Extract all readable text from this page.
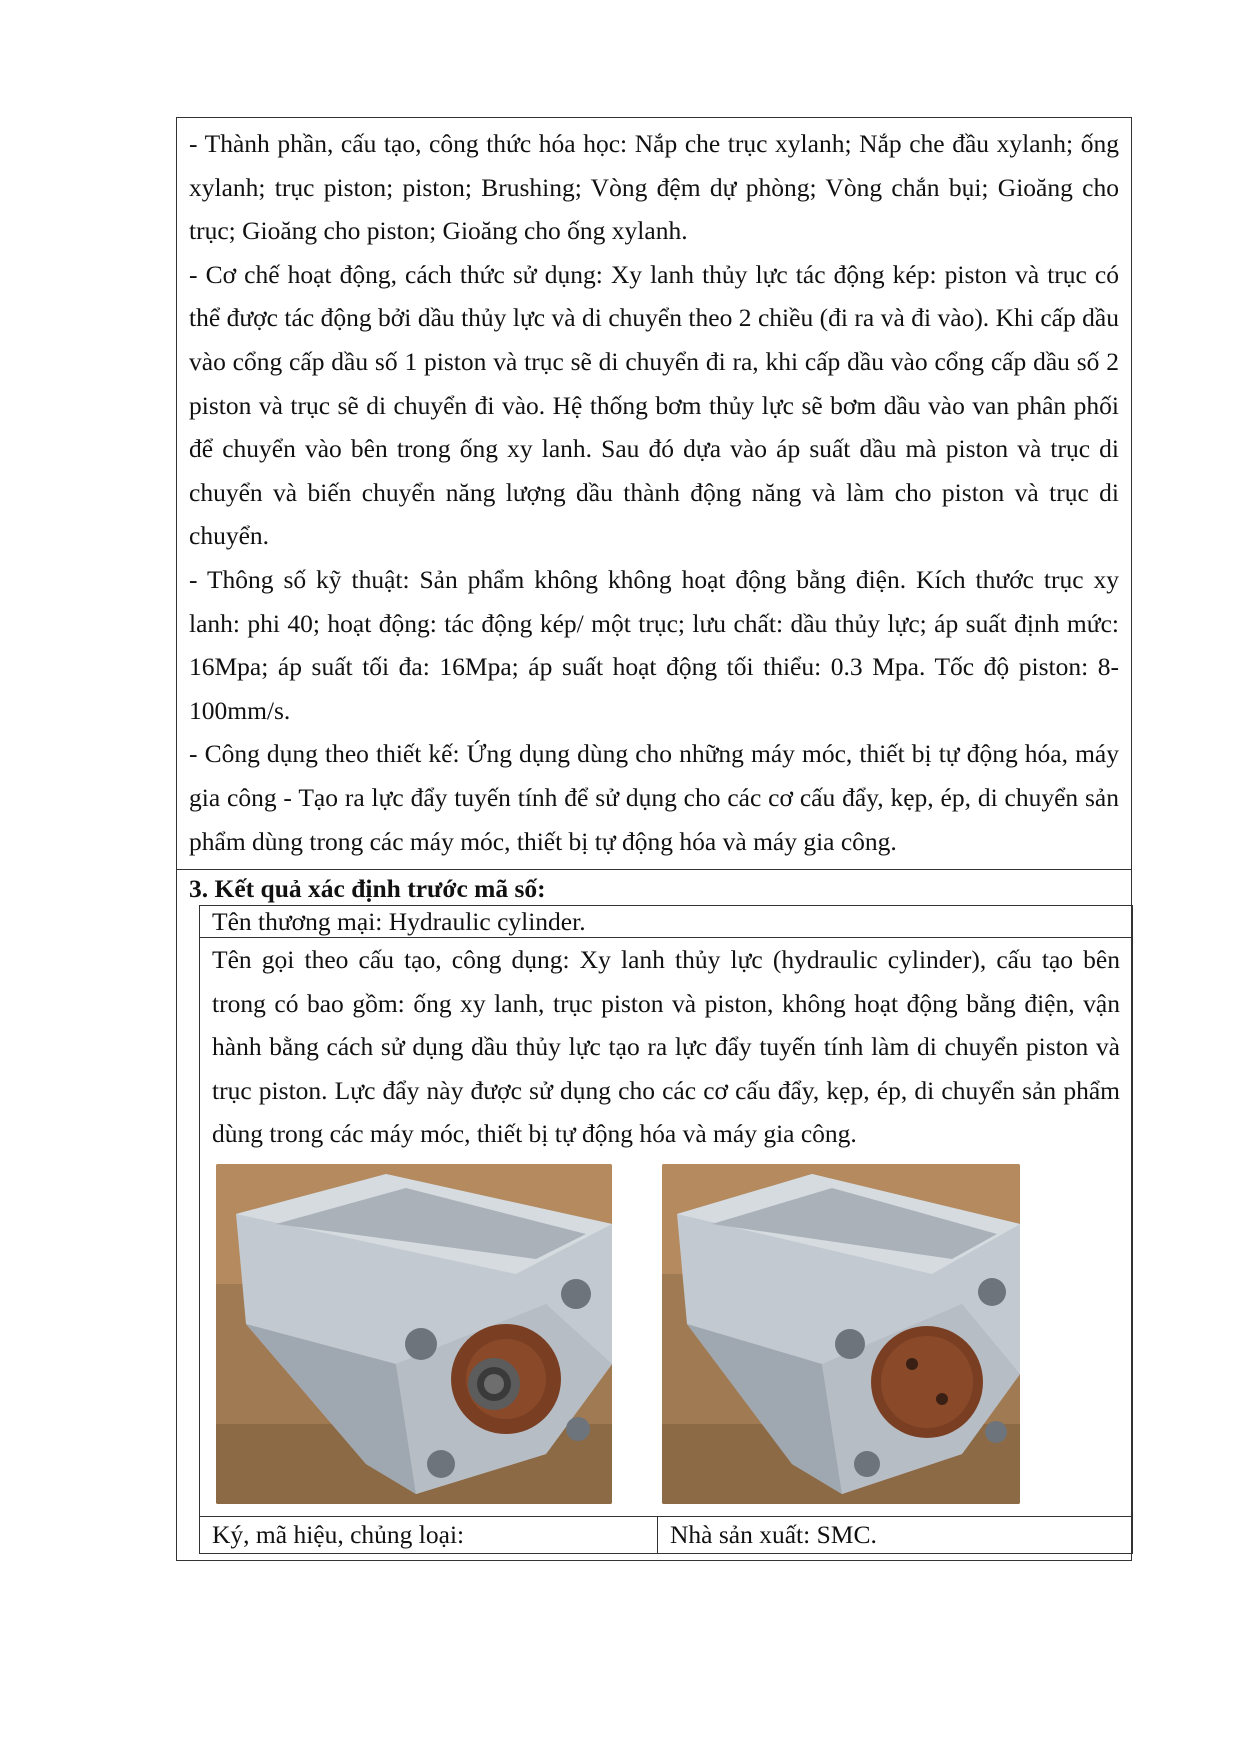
- Thành phần, cấu tạo, công thức hóa học: Nắp che trục xylanh; Nắp che đầu xylanh; ống xylanh; trục piston; piston; Brushing; Vòng đệm dự phòng; Vòng chắn bụi; Gioăng cho trục; Gioăng cho piston; Gioăng cho ống xylanh.

- Cơ chế hoạt động, cách thức sử dụng: Xy lanh thủy lực tác động kép: piston và trục có thể được tác động bởi dầu thủy lực và di chuyển theo 2 chiều (đi ra và đi vào). Khi cấp dầu vào cổng cấp dầu số 1 piston và trục sẽ di chuyển đi ra, khi cấp dầu vào cổng cấp dầu số 2 piston và trục sẽ di chuyển đi vào. Hệ thống bơm thủy lực sẽ bơm dầu vào van phân phối để chuyển vào bên trong ống xy lanh. Sau đó dựa vào áp suất dầu mà piston và trục di chuyển và biến chuyển năng lượng dầu thành động năng và làm cho piston và trục di chuyển.

- Thông số kỹ thuật: Sản phẩm không không hoạt động bằng điện. Kích thước trục xy lanh: phi 40; hoạt động: tác động kép/ một trục; lưu chất: dầu thủy lực; áp suất định mức: 16Mpa; áp suất tối đa: 16Mpa; áp suất hoạt động tối thiểu: 0.3 Mpa. Tốc độ piston: 8-100mm/s.

- Công dụng theo thiết kế: Ứng dụng dùng cho những máy móc, thiết bị tự động hóa, máy gia công - Tạo ra lực đẩy tuyến tính để sử dụng cho các cơ cấu đẩy, kẹp, ép, di chuyển sản phẩm dùng trong các máy móc, thiết bị tự động hóa và máy gia công.

3. Kết quả xác định trước mã số:

Tên thương mại: Hydraulic cylinder.

Tên gọi theo cấu tạo, công dụng: Xy lanh thủy lực (hydraulic cylinder), cấu tạo bên trong có bao gồm: ống xy lanh, trục piston và piston, không hoạt động bằng điện, vận hành bằng cách sử dụng dầu thủy lực tạo ra lực đẩy tuyến tính làm di chuyển piston và trục piston. Lực đẩy này được sử dụng cho các cơ cấu đẩy, kẹp, ép, di chuyển sản phẩm dùng trong các máy móc, thiết bị tự động hóa và máy gia công.

Ký, mã hiệu, chủng loại:	Nhà sản xuất: SMC.
